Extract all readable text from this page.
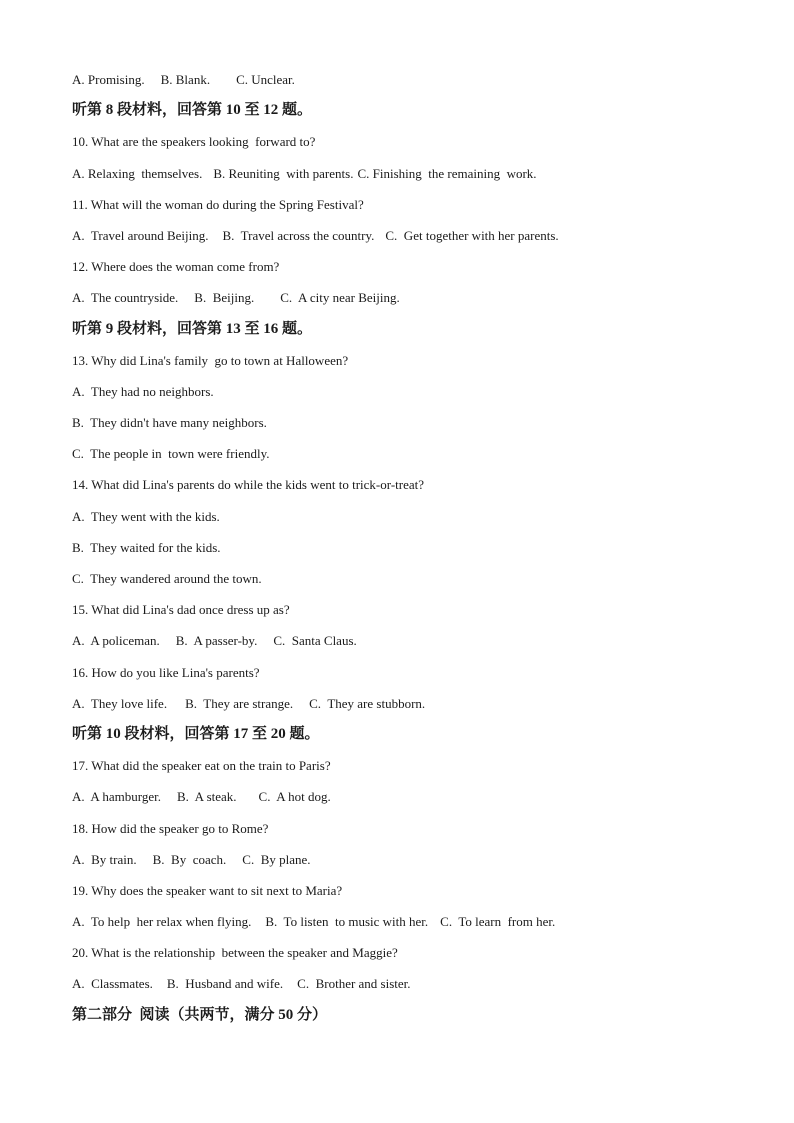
A. Promising. B. Blank. C. Unclear.
听第 8 段材料，回答第 10 至 12 题。
10. What are the speakers looking  forward to?
A. Relaxing  themselves. B. Reuniting  with parents. C. Finishing  the remaining  work.
11. What will the woman do during the Spring Festival?
A.  Travel around Beijing. B.  Travel across the country. C.  Get together with her parents.
12. Where does the woman come from?
A.  The countryside. B.  Beijing. C.  A city near Beijing.
听第 9 段材料，回答第 13 至 16 题。
13. Why did Lina's family  go to town at Halloween?
A.  They had no neighbors.
B.  They didn't have many neighbors.
C.  The people in  town were friendly.
14. What did Lina's parents do while the kids went to trick-or-treat?
A.  They went with the kids.
B.  They waited for the kids.
C.  They wandered around the town.
15. What did Lina's dad once dress up as?
A.  A policeman. B.  A passer-by. C.  Santa Claus.
16. How do you like Lina's parents?
A.  They love life. B.  They are strange. C.  They are stubborn.
听第 10 段材料，回答第 17 至 20 题。
17. What did the speaker eat on the train to Paris?
A.  A hamburger. B.  A steak. C.  A hot dog.
18. How did the speaker go to Rome?
A.  By train. B.  By  coach. C.  By plane.
19. Why does the speaker want to sit next to Maria?
A.  To help  her relax when flying. B.  To listen  to music with her. C.  To learn  from her.
20. What is the relationship  between the speaker and Maggie?
A.  Classmates. B.  Husband and wife. C.  Brother and sister.
第二部分  阅读（共两节，满分 50 分）
